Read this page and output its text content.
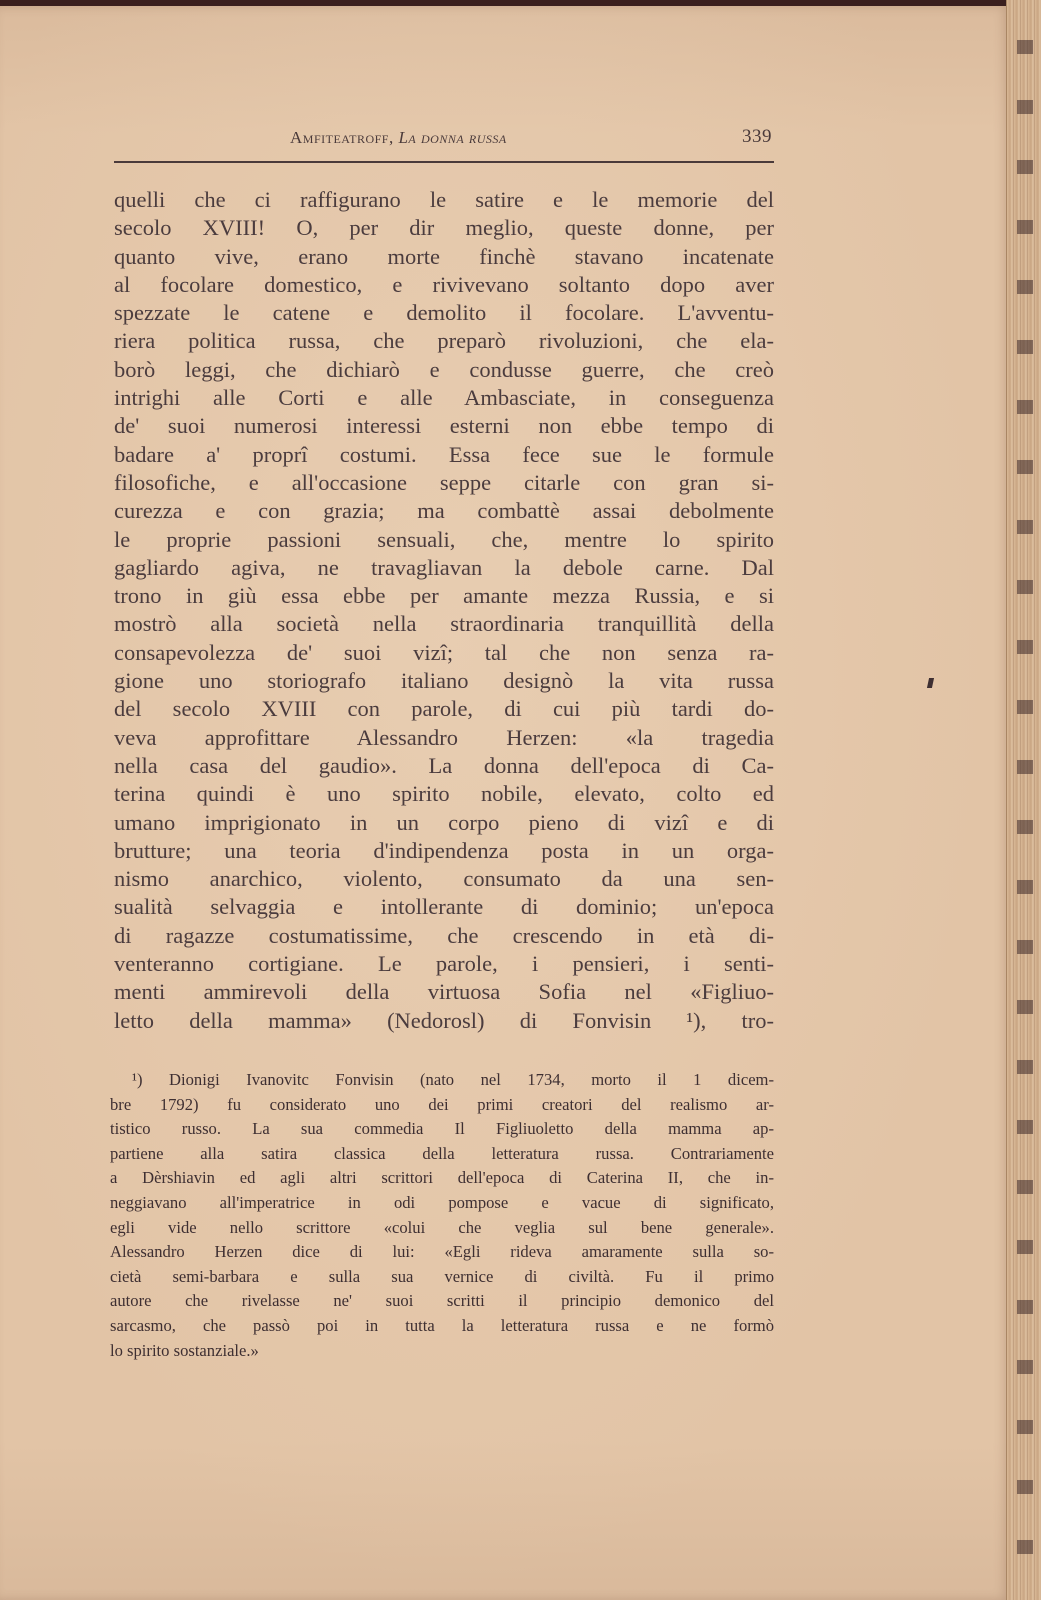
Amfiteatroff, La donna russa	339
quelli che ci raffigurano le satire e le memorie del
secolo XVIII! O, per dir meglio, queste donne, per
quanto vive, erano morte finchè stavano incatenate
al focolare domestico, e rivivevano soltanto dopo aver
spezzate le catene e demolito il focolare. L'avventu-
riera politica russa, che preparò rivoluzioni, che ela-
borò leggi, che dichiarò e condusse guerre, che creò
intrighi alle Corti e alle Ambasciate, in conseguenza
de' suoi numerosi interessi esterni non ebbe tempo di
badare a' proprî costumi. Essa fece sue le formule
filosofiche, e all'occasione seppe citarle con gran si-
curezza e con grazia; ma combattè assai debolmente
le proprie passioni sensuali, che, mentre lo spirito
gagliardo agiva, ne travagliavan la debole carne. Dal
trono in giù essa ebbe per amante mezza Russia, e si
mostrò alla società nella straordinaria tranquillità della
consapevolezza de' suoi vizî; tal che non senza ra-
gione uno storiografo italiano designò la vita russa
del secolo XVIII con parole, di cui più tardi do-
veva approfittare Alessandro Herzen: «la tragedia
nella casa del gaudio». La donna dell'epoca di Ca-
terina quindi è uno spirito nobile, elevato, colto ed
umano imprigionato in un corpo pieno di vizî e di
brutture; una teoria d'indipendenza posta in un orga-
nismo anarchico, violento, consumato da una sen-
sualità selvaggia e intollerante di dominio; un'epoca
di ragazze costumatissime, che crescendo in età di-
venteranno cortigiane. Le parole, i pensieri, i senti-
menti ammirevoli della virtuosa Sofia nel «Figliuo-
letto della mamma» (Nedorosl) di Fonvisin ¹), tro-
¹) Dionigi Ivanovitc Fonvisin (nato nel 1734, morto il 1 dicem-
bre 1792) fu considerato uno dei primi creatori del realismo ar-
tistico russo. La sua commedia Il Figliuoletto della mamma ap-
partiene alla satira classica della letteratura russa. Contrariamente
a Dèrshiavin ed agli altri scrittori dell'epoca di Caterina II, che in-
neggiavano all'imperatrice in odi pompose e vacue di significato,
egli vide nello scrittore «colui che veglia sul bene generale».
Alessandro Herzen dice di lui: «Egli rideva amaramente sulla so-
cietà semi-barbara e sulla sua vernice di civiltà. Fu il primo
autore che rivelasse ne' suoi scritti il principio demonico del
sarcasmo, che passò poi in tutta la letteratura russa e ne formò
lo spirito sostanziale.»
